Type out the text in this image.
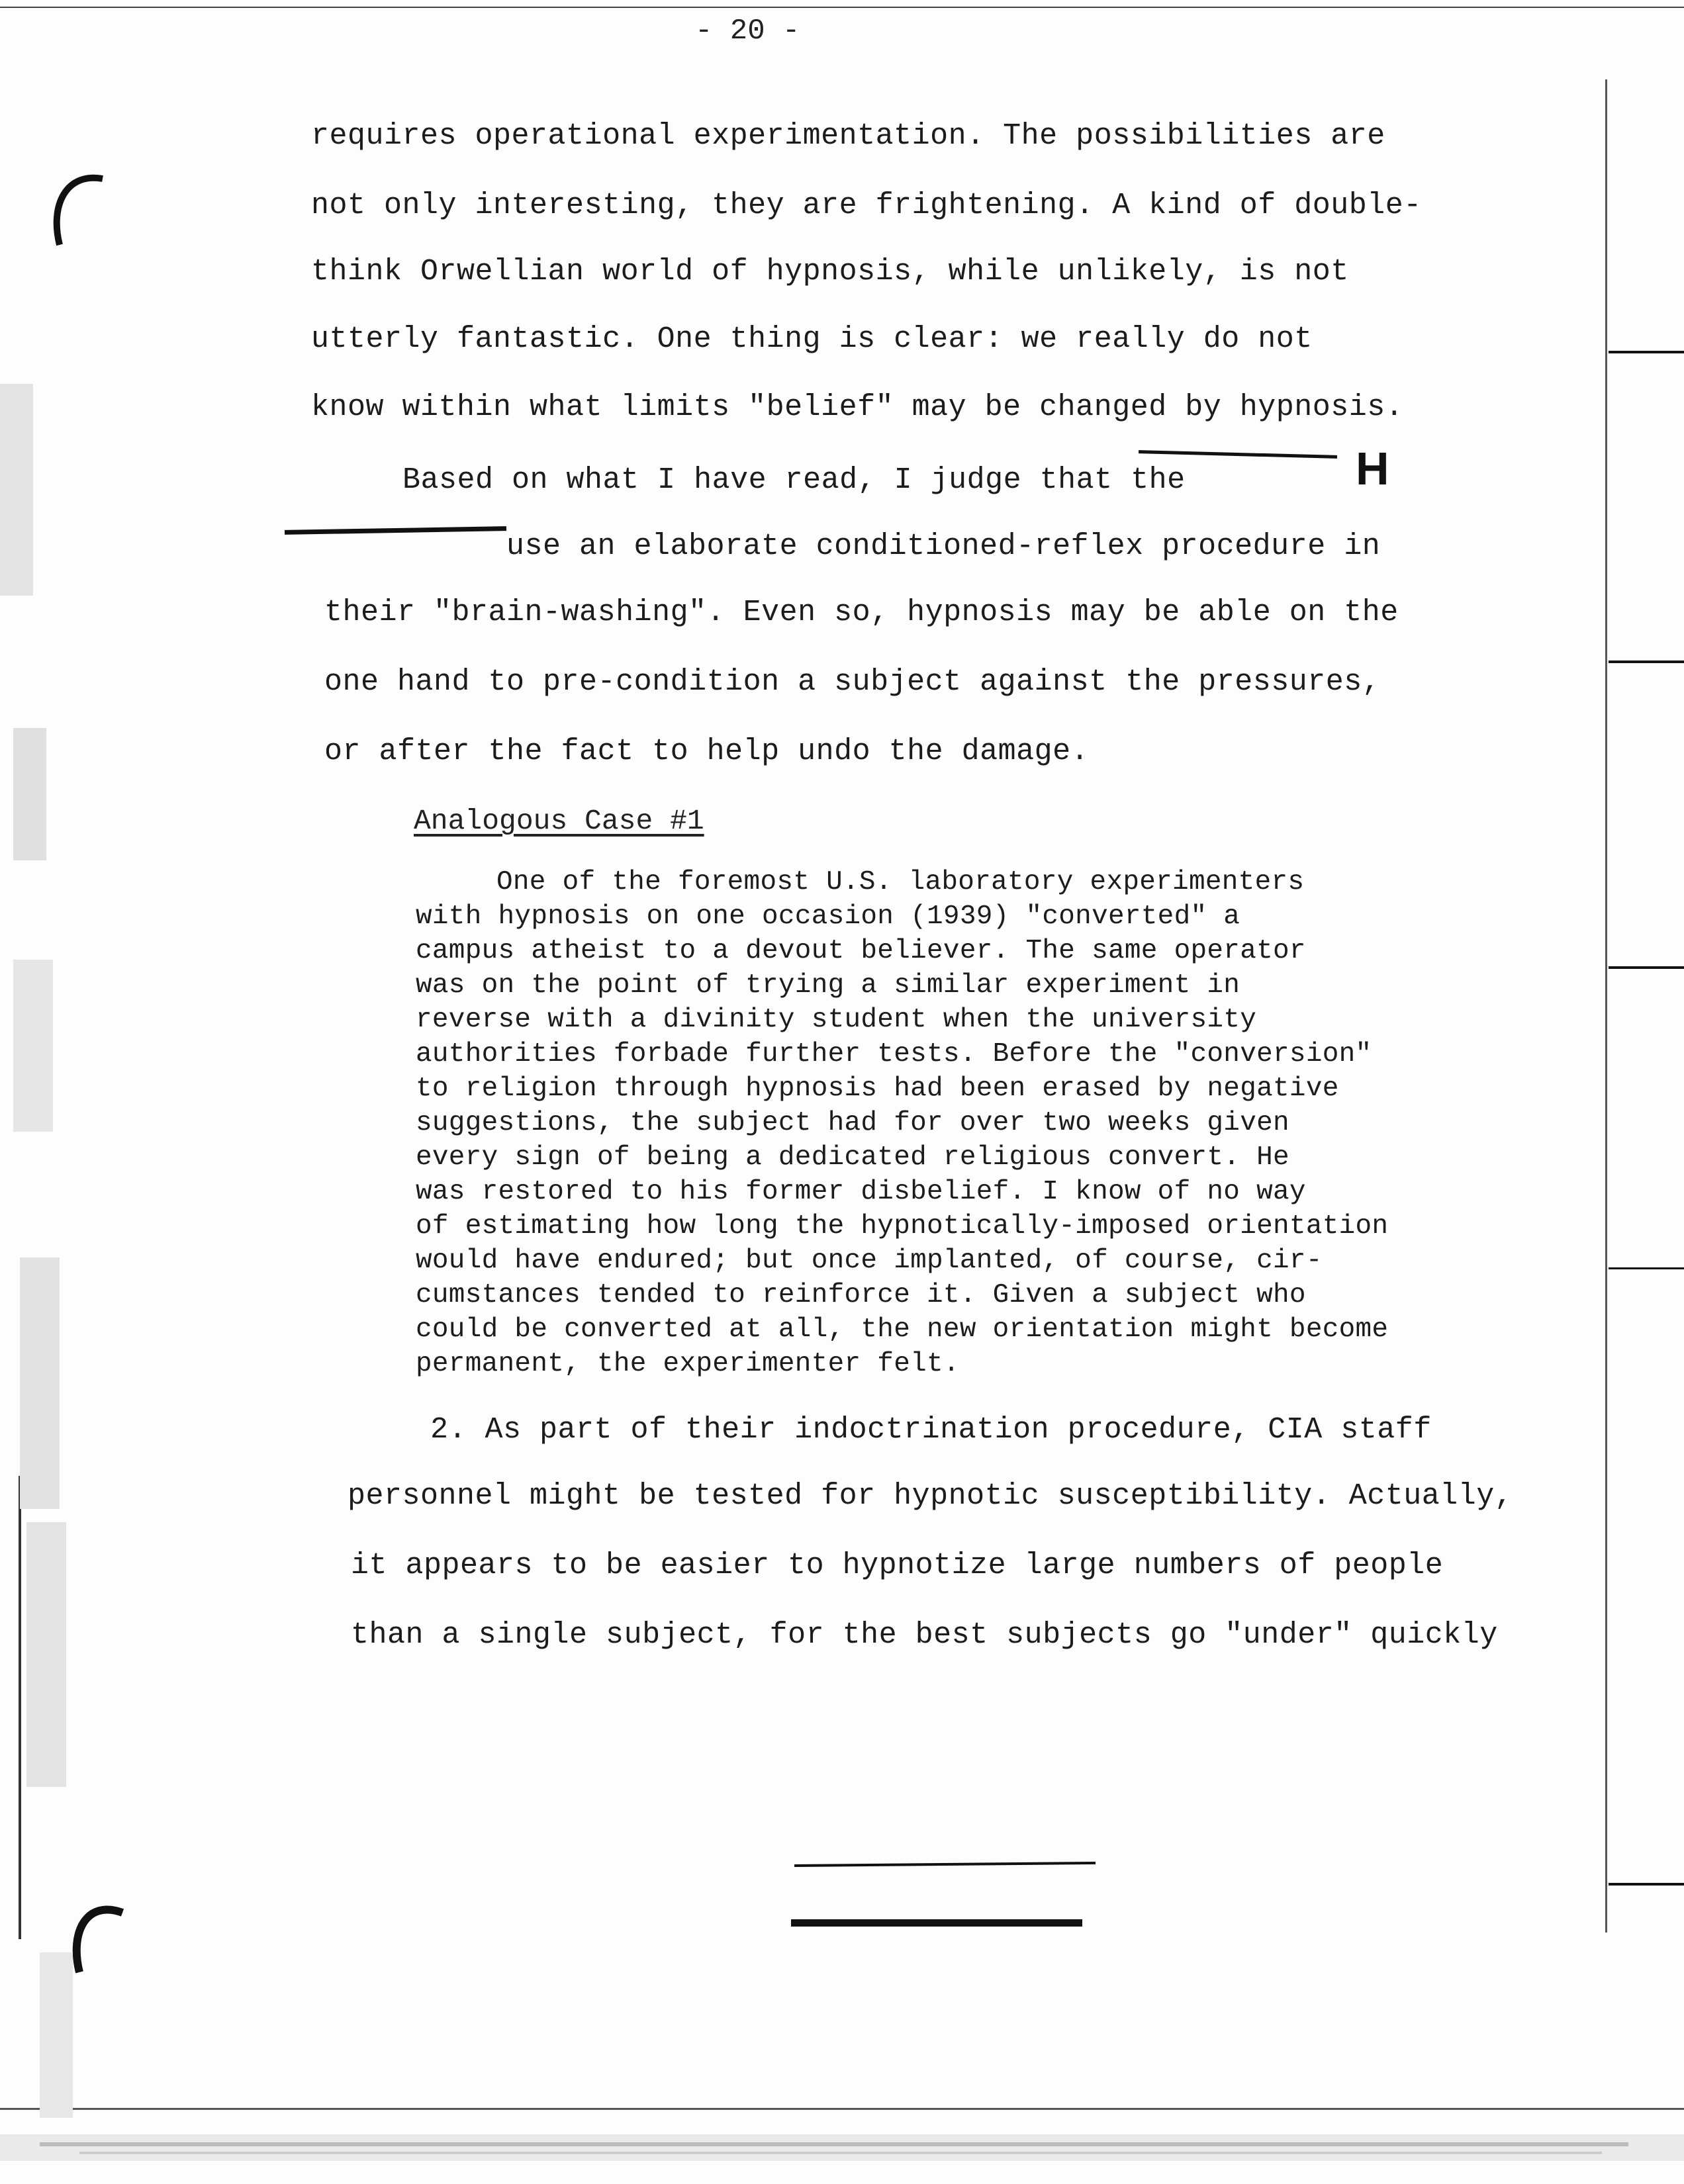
- 20 -
requires operational experimentation. The possibilities are
not only interesting, they are frightening. A kind of double-
think Orwellian world of hypnosis, while unlikely, is not
utterly fantastic. One thing is clear: we really do not
know within what limits "belief" may be changed by hypnosis.
Based on what I have read, I judge that the	H
use an elaborate conditioned-reflex procedure in
their "brain-washing". Even so, hypnosis may be able on the
one hand to pre-condition a subject against the pressures,
or after the fact to help undo the damage.
Analogous Case #1
One of the foremost U.S. laboratory experimenters
with hypnosis on one occasion (1939) "converted" a
campus atheist to a devout believer. The same operator
was on the point of trying a similar experiment in
reverse with a divinity student when the university
authorities forbade further tests. Before the "conversion"
to religion through hypnosis had been erased by negative
suggestions, the subject had for over two weeks given
every sign of being a dedicated religious convert. He
was restored to his former disbelief. I know of no way
of estimating how long the hypnotically-imposed orientation
would have endured; but once implanted, of course, cir-
cumstances tended to reinforce it. Given a subject who
could be converted at all, the new orientation might become
permanent, the experimenter felt.
2. As part of their indoctrination procedure, CIA staff
personnel might be tested for hypnotic susceptibility. Actually,
it appears to be easier to hypnotize large numbers of people
than a single subject, for the best subjects go "under" quickly
